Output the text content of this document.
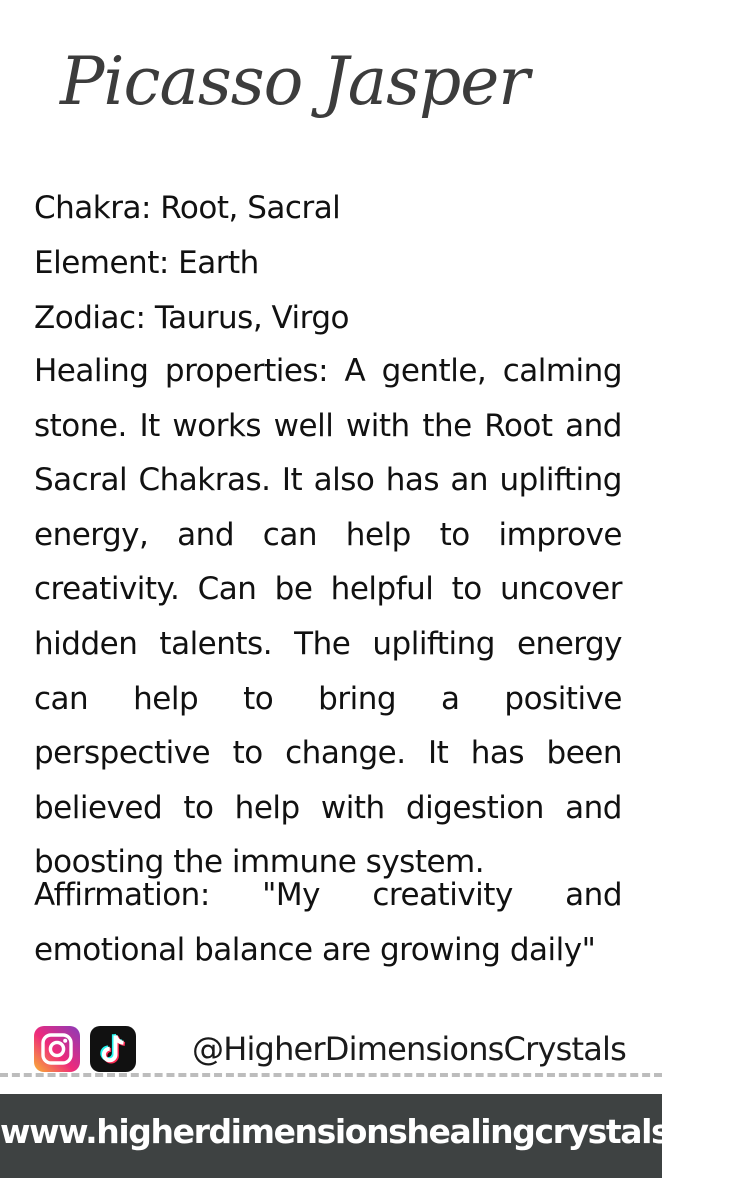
Picasso Jasper
Chakra: Root, Sacral
Element: Earth
Zodiac: Taurus, Virgo
Healing properties: A gentle, calming stone. It works well with the Root and Sacral Chakras. It also has an uplifting energy, and can help to improve creativity. Can be helpful to uncover hidden talents. The uplifting energy can help to bring a positive perspective to change. It has been believed to help with digestion and boosting the immune system.
Affirmation: "My creativity and emotional balance are growing daily"
@HigherDimensionsCrystals
www.higherdimensionshealingcrystals.com
